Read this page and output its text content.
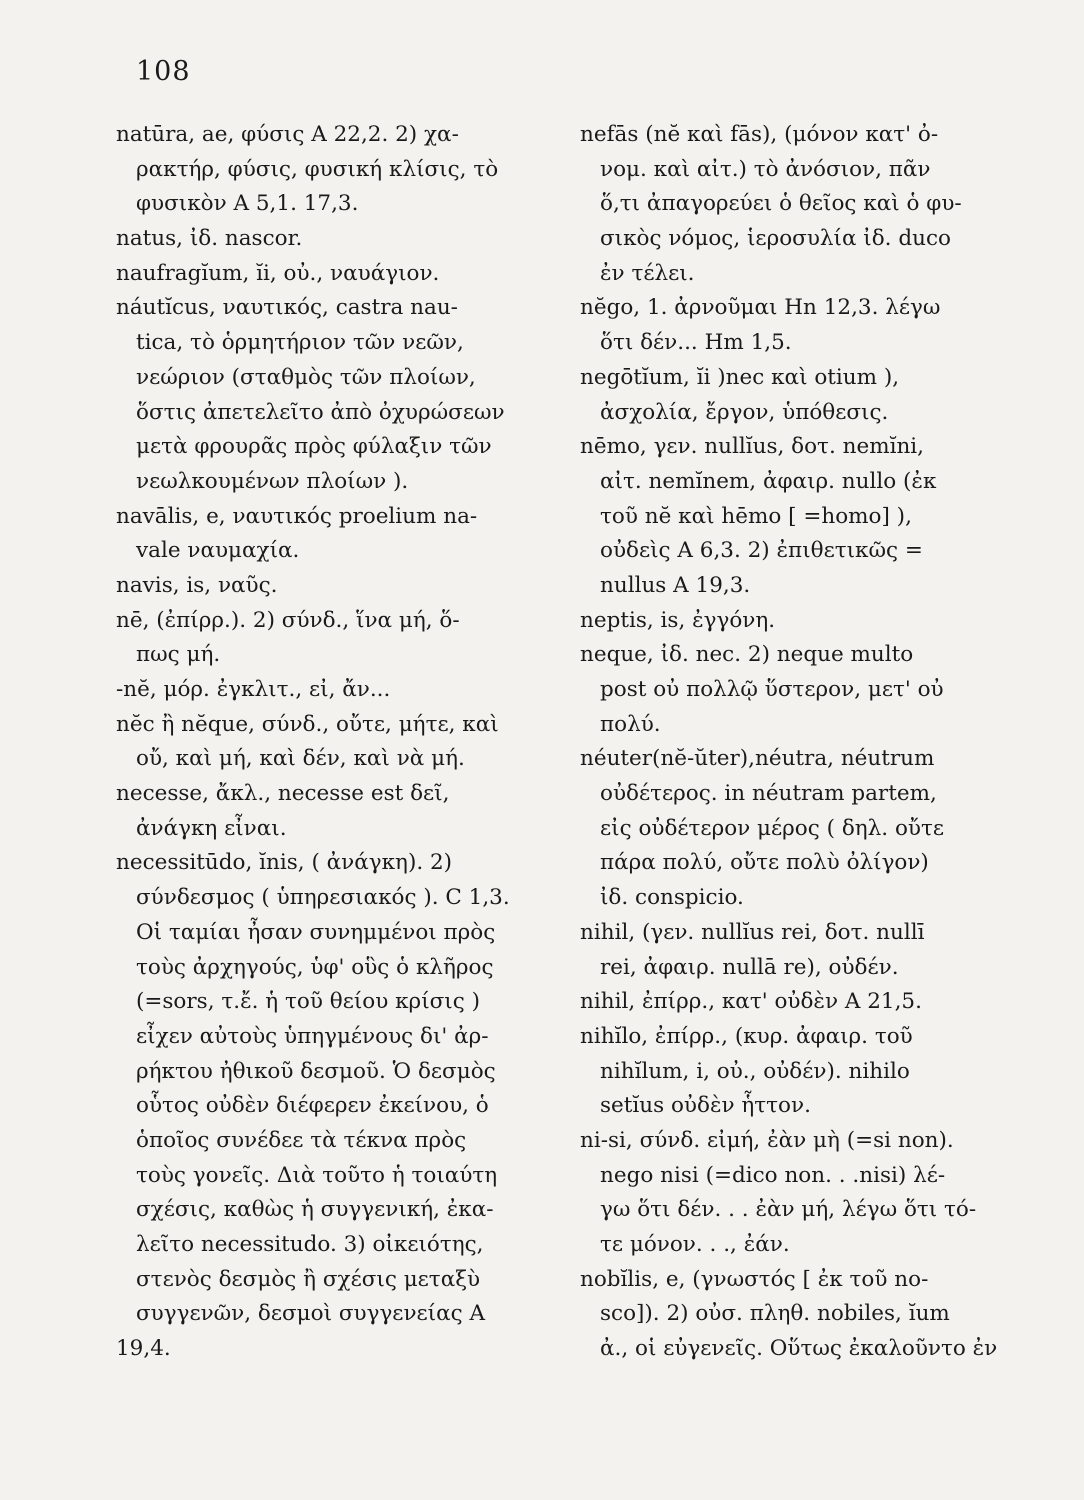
108
natūra, ae, φύσις Α 22,2. 2) χα-
ρακτήρ, φύσις, φυσική κλίσις, τὸ
φυσικὸν Α 5,1. 17,3.
natus, ἰδ. nascor.
naufragĭum, ĭi, οὐ., ναυάγιον.
náutĭcus, ναυτικός, castra nau-
tica, τὸ ὁρμητήριον τῶν νεῶν,
νεώριον (σταθμὸς τῶν πλοίων,
ὅστις ἀπετελεῖτο ἀπὸ ὀχυρώσεων
μετὰ φρουρᾶς πρὸς φύλαξιν τῶν
νεωλκουμένων πλοίων ).
navālis, e, ναυτικός proelium na-
vale ναυμαχία.
navis, is, ναῦς.
nē, (ἐπίρρ.). 2) σύνδ., ἵνα μή, ὅ-
πως μή.
-nĕ, μόρ. ἐγκλιτ., εἰ, ἄν...
nĕc ἢ nĕque, σύνδ., οὔτε, μήτε, καὶ
οὔ, καὶ μή, καὶ δέν, καὶ νὰ μή.
necesse, ἄκλ., necesse est δεῖ,
ἀνάγκη εἶναι.
necessitūdo, ĭnis, ( ἀνάγκη). 2)
σύνδεσμος ( ὑπηρεσιακός ). C 1,3.
Οἱ ταμίαι ἦσαν συνημμένοι πρὸς
τοὺς ἀρχηγούς, ὑφ' οὓς ὁ κλῆρος
(=sors, τ.ἔ. ἡ τοῦ θείου κρίσις )
εἶχεν αὐτοὺς ὑπηγμένους δι' ἀρ-
ρήκτου ἠθικοῦ δεσμοῦ. Ὁ δεσμὸς
οὗτος οὐδὲν διέφερεν ἐκείνου, ὁ
ὁποῖος συνέδεε τὰ τέκνα πρὸς
τοὺς γονεῖς. Διὰ τοῦτο ἡ τοιαύτη
σχέσις, καθὼς ἡ συγγενική, ἐκα-
λεῖτο necessitudo. 3) οἰκειότης,
στενὸς δεσμὸς ἢ σχέσις μεταξὺ
συγγενῶν, δεσμοὶ συγγενείας Α
19,4.
nefās (nĕ καὶ fās), (μόνον κατ' ὀ-
νομ. καὶ αἰτ.) τὸ ἀνόσιον, πᾶν
ὅ,τι ἀπαγορεύει ὁ θεῖος καὶ ὁ φυ-
σικὸς νόμος, ἱεροσυλία ἰδ. duco
ἐν τέλει.
nĕgo, 1. ἀρνοῦμαι Hn 12,3. λέγω
ὅτι δέν... Hm 1,5.
negōtĭum, ĭi )nec καὶ otium ),
ἀσχολία, ἔργον, ὑπόθεσις.
nēmo, γεν. nullĭus, δοτ. nemĭni,
αἰτ. nemĭnem, ἀφαιρ. nullo (ἐκ
τοῦ nĕ καὶ hēmo [ =homo] ),
οὐδεὶς Α 6,3. 2) ἐπιθετικῶς =
nullus Α 19,3.
neptis, is, ἐγγόνη.
neque, ἰδ. nec. 2) neque multo
post οὐ πολλῷ ὕστερον, μετ' οὐ
πολύ.
néuter(nĕ-ŭter),néutra, néutrum
οὐδέτερος. in néutram partem,
εἰς οὐδέτερον μέρος ( δηλ. οὔτε
πάρα πολύ, οὔτε πολὺ ὀλίγον)
ἰδ. conspicio.
nihil, (γεν. nullĭus rei, δοτ. nullī
rei, ἀφαιρ. nullā re), οὐδέν.
nihil, ἐπίρρ., κατ' οὐδὲν Α 21,5.
nihĭlo, ἐπίρρ., (κυρ. ἀφαιρ. τοῦ
nihĭlum, i, οὐ., οὐδέν). nihilo
setĭus οὐδὲν ἧττον.
ni-si, σύνδ. εἰμή, ἐὰν μὴ (=si non).
nego nisi (=dico non. . .nisi) λέ-
γω ὅτι δέν. . . ἐὰν μή, λέγω ὅτι τό-
τε μόνον. . ., ἐάν.
nobĭlis, e, (γνωστός [ ἐκ τοῦ no-
sco]). 2) οὐσ. πληθ. nobiles, ĭum
ἀ., οἱ εὐγενεῖς. Οὕτως ἐκαλοῦντο ἐν
